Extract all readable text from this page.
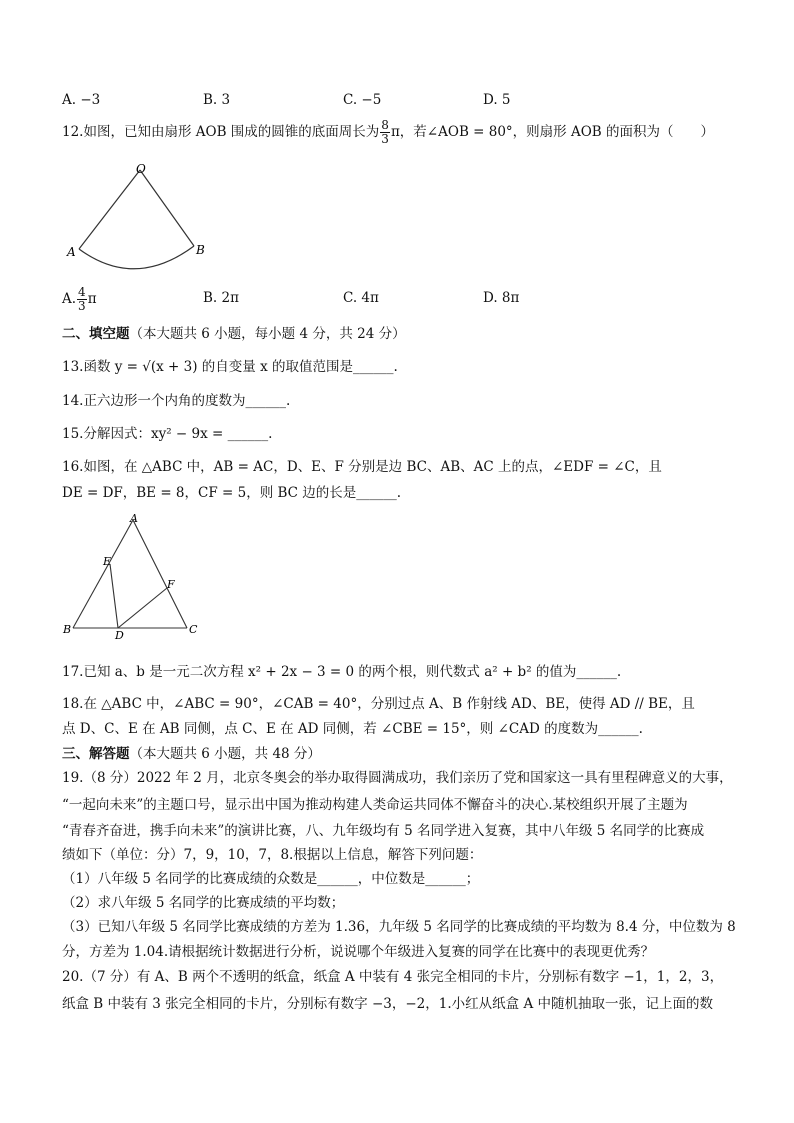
A. −3	B. 3	C. −5	D. 5
12.如图，已知由扇形 AOB 围成的圆锥的底面周长为 $\frac{8}{3}$ π，若∠AOB = 80°，则扇形 AOB 的面积为（　　）
O
A	B
A. $\frac{4}{3}$ π	B. 2π	C. 4π	D. 8π
二、填空题（本大题共 6 小题，每小题 4 分，共 24 分）
13.函数 y = √(x + 3) 的自变量 x 的取值范围是______.
14.正六边形一个内角的度数为______.
15.分解因式：xy² − 9x = ______.
16.如图，在 △ABC 中，AB = AC，D、E、F 分别是边 BC、AB、AC 上的点，∠EDF = ∠C，且
DE = DF，BE = 8，CF = 5，则 BC 边的长是______.
A
E
F
B	D	C
17.已知 a、b 是一元二次方程 x² + 2x − 3 = 0 的两个根，则代数式 a² + b² 的值为______.
18.在 △ABC 中，∠ABC = 90°，∠CAB = 40°，分别过点 A、B 作射线 AD、BE，使得 AD // BE，且
点 D、C、E 在 AB 同侧，点 C、E 在 AD 同侧，若 ∠CBE = 15°，则 ∠CAD 的度数为______.
三、解答题（本大题共 6 小题，共 48 分）
19.（8 分）2022 年 2 月，北京冬奥会的举办取得圆满成功，我们亲历了党和国家这一具有里程碑意义的大事，
“一起向未来”的主题口号，显示出中国为推动构建人类命运共同体不懈奋斗的决心.某校组织开展了主题为
“青春齐奋进，携手向未来”的演讲比赛，八、九年级均有 5 名同学进入复赛，其中八年级 5 名同学的比赛成
绩如下（单位：分）7，9，10，7，8.根据以上信息，解答下列问题：
（1）八年级 5 名同学的比赛成绩的众数是______，中位数是______；
（2）求八年级 5 名同学的比赛成绩的平均数；
（3）已知八年级 5 名同学比赛成绩的方差为 1.36，九年级 5 名同学的比赛成绩的平均数为 8.4 分，中位数为 8
分，方差为 1.04.请根据统计数据进行分析，说说哪个年级进入复赛的同学在比赛中的表现更优秀？
20.（7 分）有 A、B 两个不透明的纸盒，纸盒 A 中装有 4 张完全相同的卡片，分别标有数字 −1，1，2，3，
纸盒 B 中装有 3 张完全相同的卡片，分别标有数字 −3，−2，1.小红从纸盒 A 中随机抽取一张，记上面的数
